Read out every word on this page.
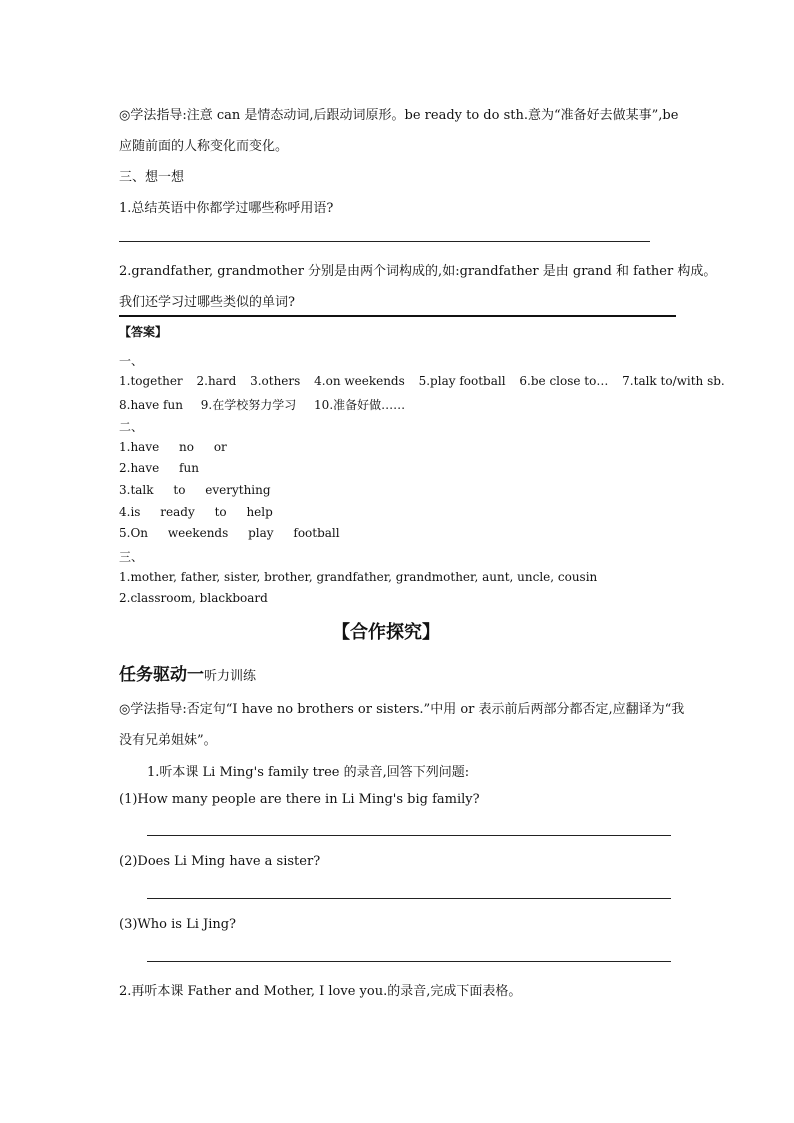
◎学法指导:注意 can 是情态动词,后跟动词原形。be ready to do sth.意为“准备好去做某事”,be

应随前面的人称变化而变化。

三、想一想

1.总结英语中你都学过哪些称呼用语?

2.grandfather, grandmother 分别是由两个词构成的,如:grandfather 是由 grand 和 father 构成。

我们还学习过哪些类似的单词?

【答案】

一、

1.together 2.hard 3.others 4.on weekends 5.play football 6.be close to… 7.talk to/with sb.
8.have fun 9.在学校努力学习 10.准备好做……

二、

1.have no or
2.have fun
3.talk to everything
4.is ready to help
5.On weekends play football

三、

1.mother, father, sister, brother, grandfather, grandmother, aunt, uncle, cousin

2.classroom, blackboard

【合作探究】

任务驱动一听力训练

◎学法指导:否定句“I have no brothers or sisters.”中用 or 表示前后两部分都否定,应翻译为“我

没有兄弟姐妹”。

1.听本课 Li Ming's family tree 的录音,回答下列问题:

(1)How many people are there in Li Ming's big family?

(2)Does Li Ming have a sister?

(3)Who is Li Jing?

2.再听本课 Father and Mother, I love you.的录音,完成下面表格。
